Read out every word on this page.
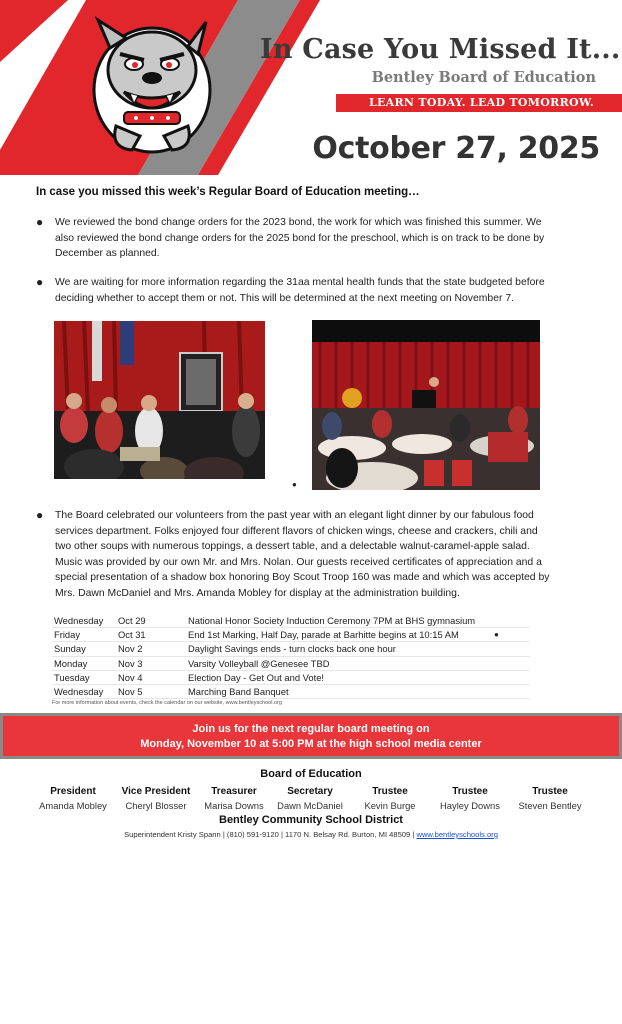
In Case You Missed It...
Bentley Board of Education
LEARN TODAY. LEAD TOMORROW.
October 27, 2025
In case you missed this week’s Regular Board of Education meeting…
● We reviewed the bond change orders for the 2023 bond, the work for which was finished this summer. We also reviewed the bond change orders for the 2025 bond for the preschool, which is on track to be done by December as planned.
● We are waiting for more information regarding the 31aa mental health funds that the state budgeted before deciding whether to accept them or not. This will be determined at the next meeting on November 7.
●
● The Board celebrated our volunteers from the past year with an elegant light dinner by our fabulous food services department. Folks enjoyed four different flavors of chicken wings, cheese and crackers, chili and two other soups with numerous toppings, a dessert table, and a delectable walnut-caramel-apple salad. Music was provided by our own Mr. and Mrs. Nolan. Our guests received certificates of appreciation and a special presentation of a shadow box honoring Boy Scout Troop 160 was made and which was accepted by Mrs. Dawn McDaniel and Mrs. Amanda Mobley for display at the administration building.
Wednesday Oct 29	National Honor Society Induction Ceremony 7PM at BHS gymnasium
Friday	Oct 31	End 1st Marking, Half Day, parade at Barhitte begins at 10:15 AM	●
Sunday	Nov 2	Daylight Savings ends - turn clocks back one hour
Monday	Nov 3	Varsity Volleyball @Genesee TBD
Tuesday	Nov 4	Election Day - Get Out and Vote!
Wednesday Nov 5	Marching Band Banquet
For more information about events, check the calendar on our website, www.bentleyschool.org
Join us for the next regular board meeting on
Monday, November 10 at 5:00 PM at the high school media center
Board of Education
President
Amanda Mobley
Vice President
Cheryl Blosser
Treasurer
Marisa Downs
Secretary
Dawn McDaniel
Trustee
Kevin Burge
Trustee
Hayley Downs
Trustee
Steven Bentley
Bentley Community School District
Superintendent Kristy Spann | (810) 591-9120 | 1170 N. Belsay Rd. Burton, MI 48509 | www.bentleyschools.org
